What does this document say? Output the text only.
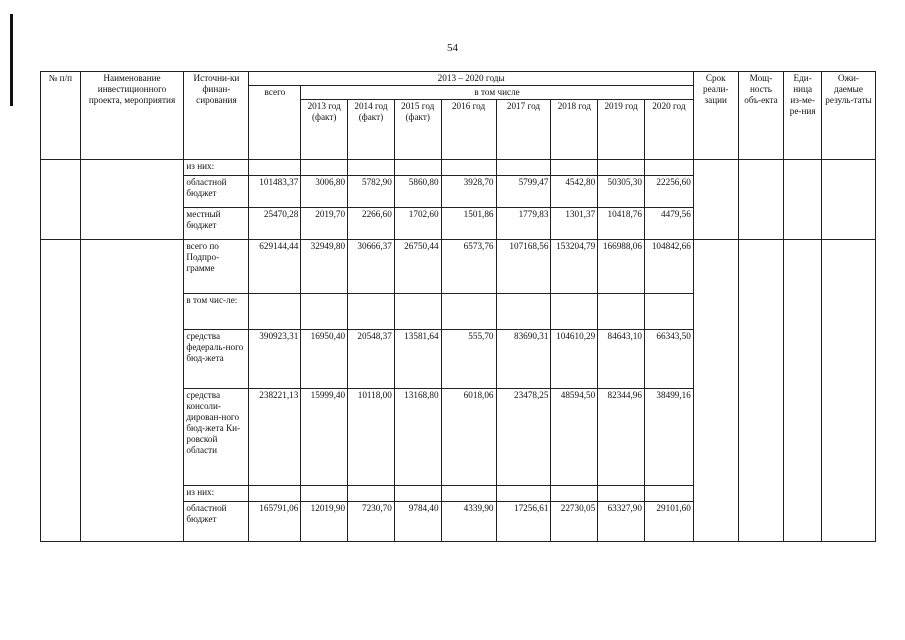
54
№ п/п	Наименование инвестиционного проекта, мероприятия	Источни-ки финан-сирования	2013 – 2020 годы									Срок реали-зации	Мощ-ность объ-екта	Еди-ница из-ме-ре-ния	Ожи-даемые резуль-таты
			всего	в том числе											
				2013 год (факт)	2014 год (факт)	2015 год (факт)	2016 год	2017 год	2018 год	2019 год	2020 год				
		из них:													
		областной бюджет	101483,37	3006,80	5782,90	5860,80	3928,70	5799,47	4542,80	50305,30	22256,60				
		местный бюджет	25470,28	2019,70	2266,60	1702,60	1501,86	1779,83	1301,37	10418,76	4479,56				
		всего по Подпро-грамме	629144,44	32949,80	30666,37	26750,44	6573,76	107168,56	153204,79	166988,06	104842,66				
		в том чис-ле:													
		средства федераль-ного бюд-жета	390923,31	16950,40	20548,37	13581,64	555,70	83690,31	104610,29	84643,10	66343,50				
		средства консоли-дирован-ного бюд-жета Ки-ровской области	238221,13	15999,40	10118,00	13168,80	6018,06	23478,25	48594,50	82344,96	38499,16				
		из них:													
		областной бюджет	165791,06	12019,90	7230,70	9784,40	4339,90	17256,61	22730,05	63327,90	29101,60				
